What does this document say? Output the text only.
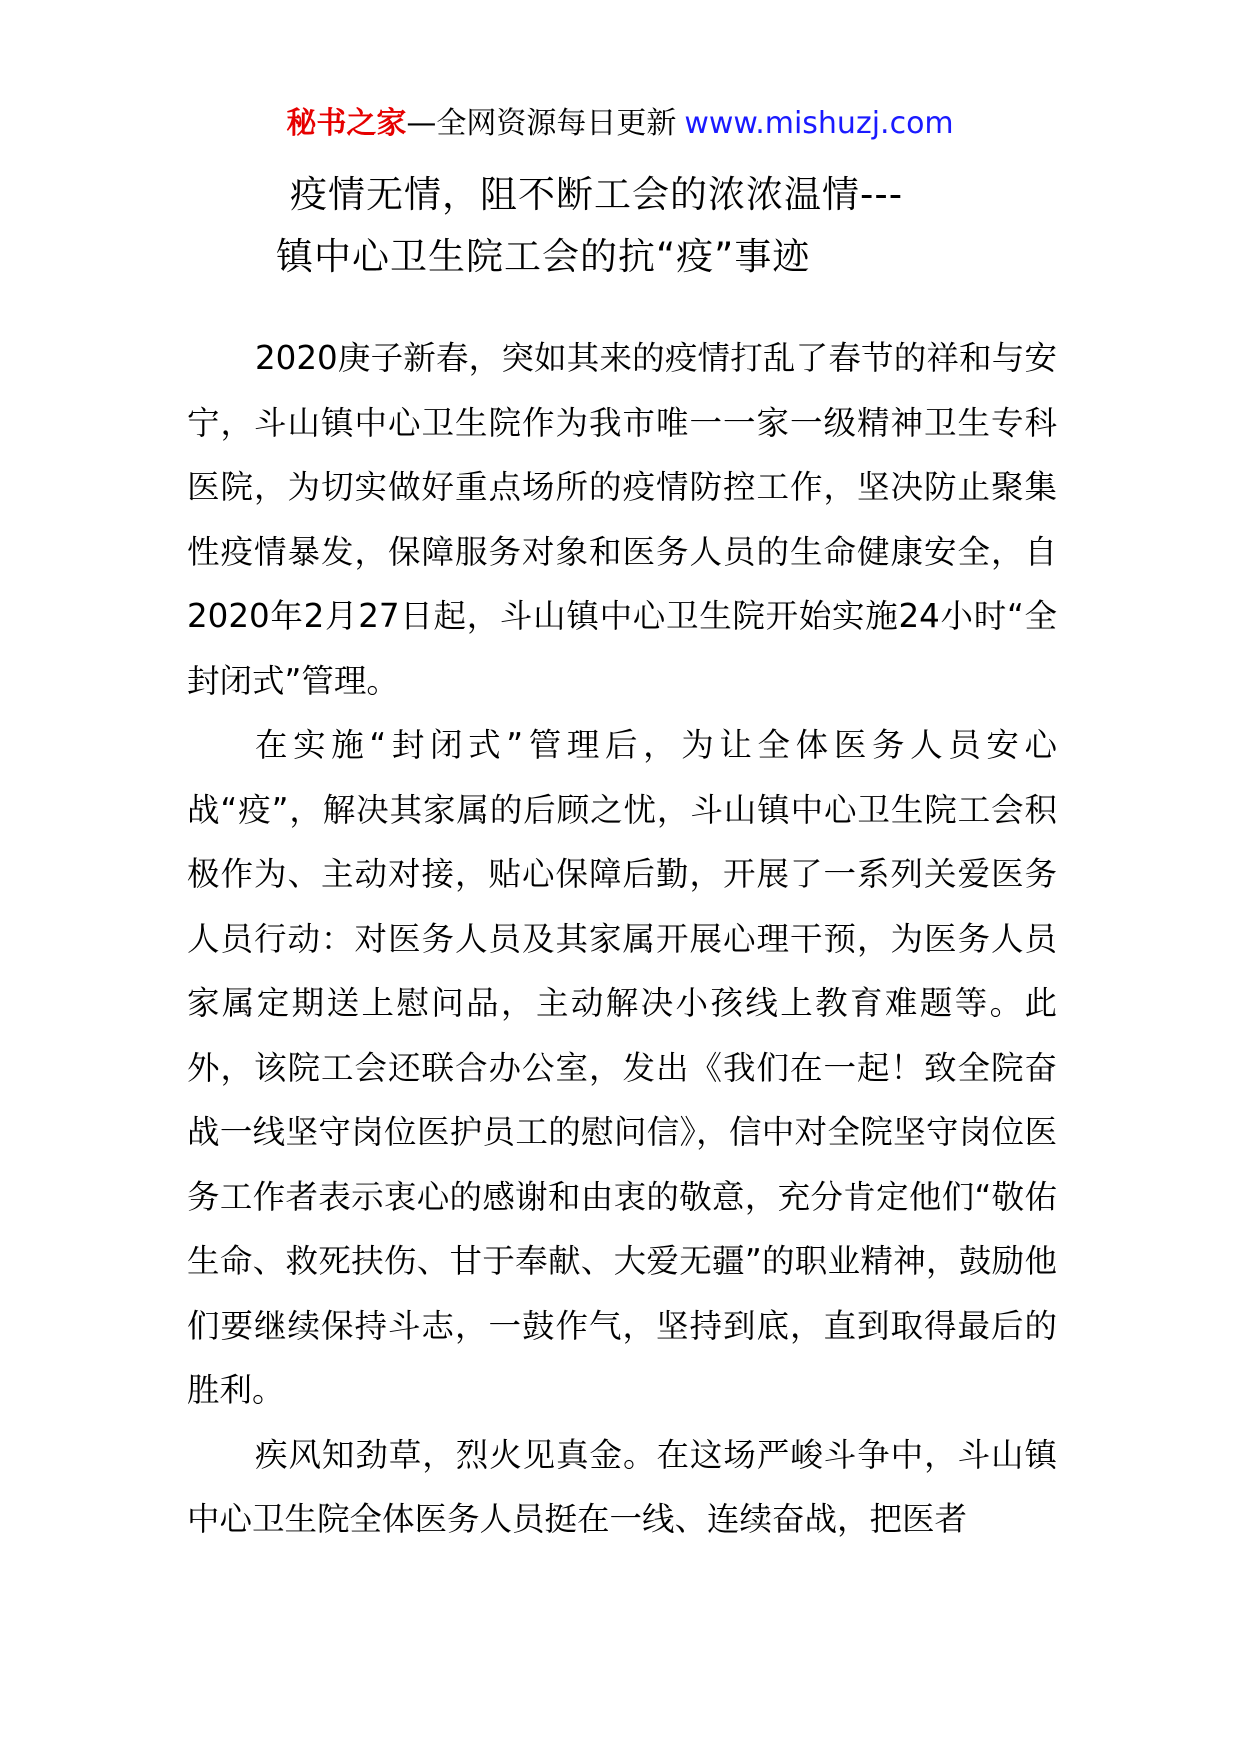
秘书之家—全网资源每日更新 www.mishuzj.com
疫情无情，阻不断工会的浓浓温情---
镇中心卫生院工会的抗“疫”事迹

2020庚子新春，突如其来的疫情打乱了春节的祥和与安宁，斗山镇中心卫生院作为我市唯一一家一级精神卫生专科医院，为切实做好重点场所的疫情防控工作，坚决防止聚集性疫情暴发，保障服务对象和医务人员的生命健康安全，自2020年2月27日起，斗山镇中心卫生院开始实施24小时“全封闭式”管理。

在实施“封闭式”管理后，为让全体医务人员安心战“疫”，解决其家属的后顾之忧，斗山镇中心卫生院工会积极作为、主动对接，贴心保障后勤，开展了一系列关爱医务人员行动：对医务人员及其家属开展心理干预，为医务人员家属定期送上慰问品，主动解决小孩线上教育难题等。此外，该院工会还联合办公室，发出《我们在一起！致全院奋战一线坚守岗位医护员工的慰问信》，信中对全院坚守岗位医务工作者表示衷心的感谢和由衷的敬意，充分肯定他们“敬佑生命、救死扶伤、甘于奉献、大爱无疆”的职业精神，鼓励他们要继续保持斗志，一鼓作气，坚持到底，直到取得最后的胜利。

疾风知劲草，烈火见真金。在这场严峻斗争中，斗山镇中心卫生院全体医务人员挺在一线、连续奋战，把医者
